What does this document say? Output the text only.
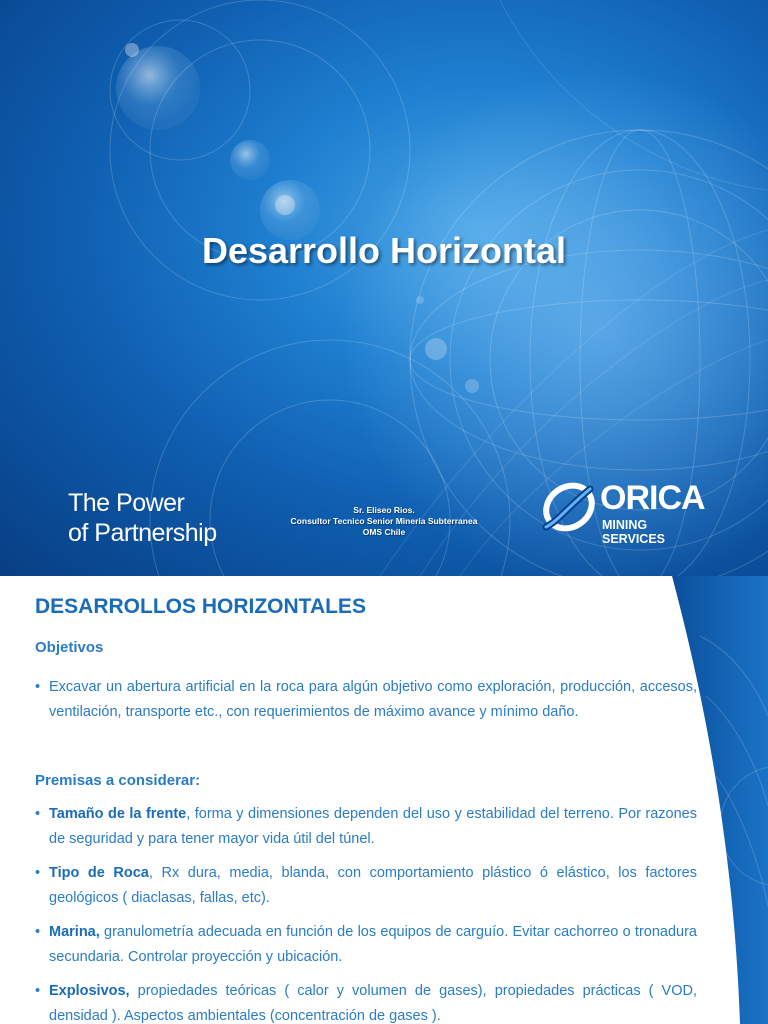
Desarrollo Horizontal
The Power
of Partnership
Sr. Eliseo Rios.
Consultor Tecnico Senior Mineria Subterranea
OMS Chile
ORICA
MINING
SERVICES
DESARROLLOS HORIZONTALES
Objetivos
• Excavar un abertura artificial en la roca para algún objetivo como exploración, producción, accesos, ventilación, transporte etc., con requerimientos de máximo avance y mínimo daño.
Premisas a considerar:
• Tamaño de la frente, forma y dimensiones dependen del uso y estabilidad del terreno. Por razones de seguridad y para tener mayor vida útil del túnel.
• Tipo de Roca, Rx dura, media, blanda, con comportamiento plástico ó elástico, los factores geológicos ( diaclasas, fallas, etc).
• Marina, granulometría adecuada en función de los equipos de carguío. Evitar cachorreo o tronadura secundaria. Controlar proyección y ubicación.
• Explosivos, propiedades teóricas ( calor y volumen de gases), propiedades prácticas ( VOD, densidad ). Aspectos ambientales (concentración de gases ).
